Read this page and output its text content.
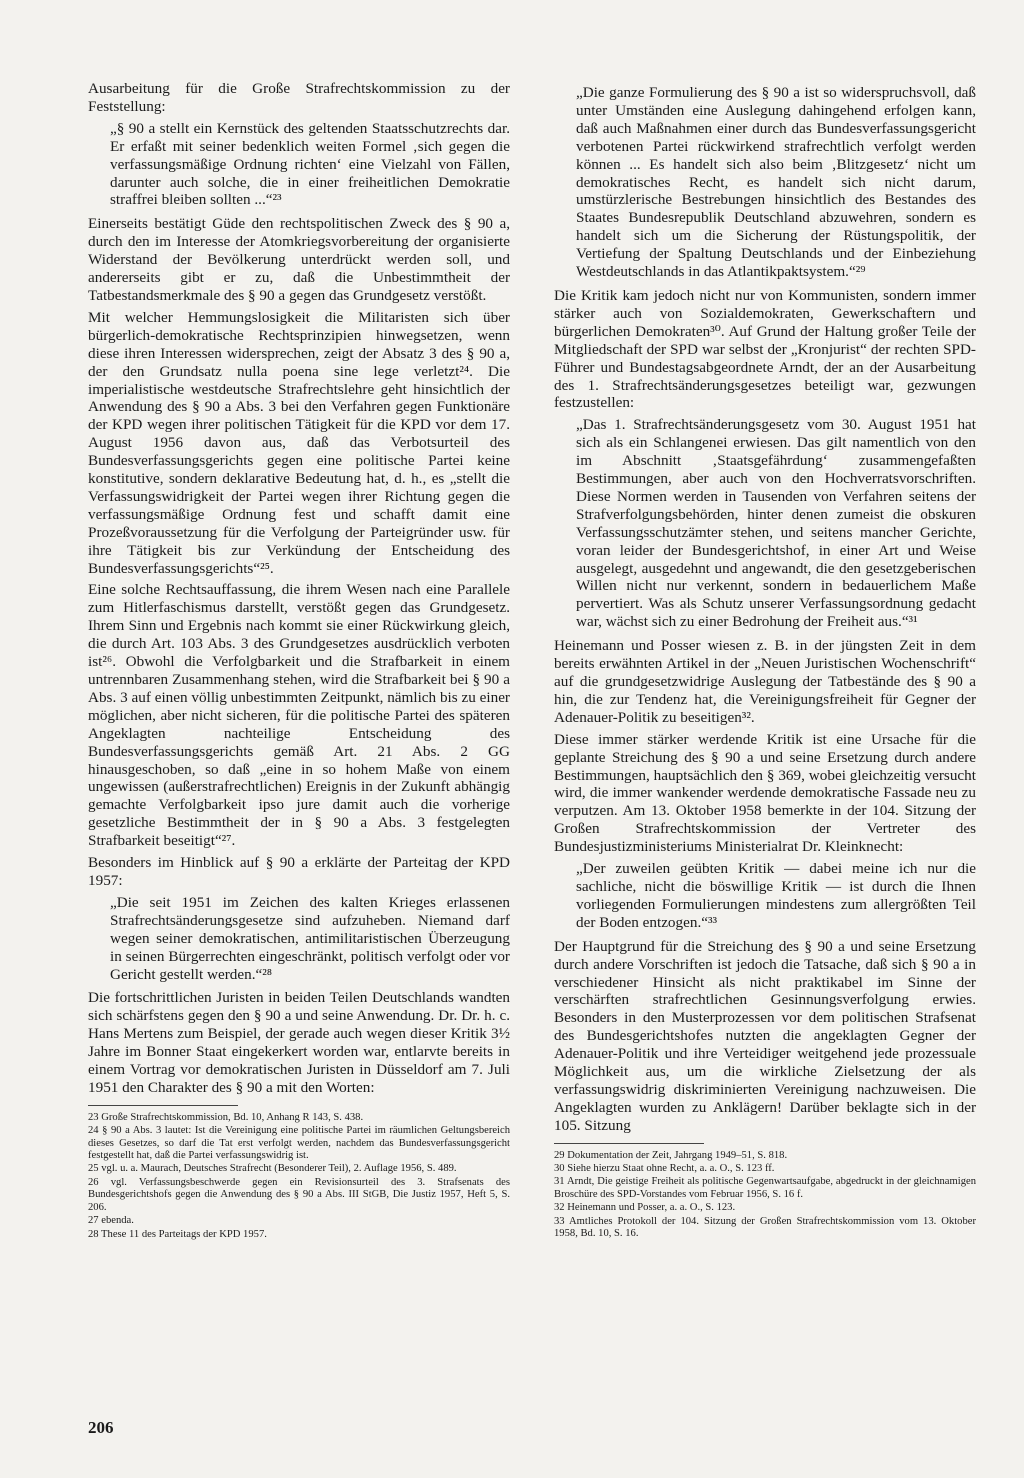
Ausarbeitung für die Große Strafrechtskommission zu der Feststellung:

„§ 90 a stellt ein Kernstück des geltenden Staatsschutzrechts dar. Er erfaßt mit seiner bedenklich weiten Formel ‚sich gegen die verfassungsmäßige Ordnung richten‘ eine Vielzahl von Fällen, darunter auch solche, die in einer freiheitlichen Demokratie straffrei bleiben sollten ...“²³

Einerseits bestätigt Güde den rechtspolitischen Zweck des § 90 a, durch den im Interesse der Atomkriegsvorbereitung der organisierte Widerstand der Bevölkerung unterdrückt werden soll, und andererseits gibt er zu, daß die Unbestimmtheit der Tatbestandsmerkmale des § 90 a gegen das Grundgesetz verstößt.

Mit welcher Hemmungslosigkeit die Militaristen sich über bürgerlich-demokratische Rechtsprinzipien hinwegsetzen, wenn diese ihren Interessen widersprechen, zeigt der Absatz 3 des § 90 a, der den Grundsatz nulla poena sine lege verletzt²⁴. Die imperialistische westdeutsche Strafrechtslehre geht hinsichtlich der Anwendung des § 90 a Abs. 3 bei den Verfahren gegen Funktionäre der KPD wegen ihrer politischen Tätigkeit für die KPD vor dem 17. August 1956 davon aus, daß das Verbotsurteil des Bundesverfassungsgerichts gegen eine politische Partei keine konstitutive, sondern deklarative Bedeutung hat, d. h., es „stellt die Verfassungswidrigkeit der Partei wegen ihrer Richtung gegen die verfassungsmäßige Ordnung fest und schafft damit eine Prozeßvoraussetzung für die Verfolgung der Parteigründer usw. für ihre Tätigkeit bis zur Verkündung der Entscheidung des Bundesverfassungsgerichts“²⁵.

Eine solche Rechtsauffassung, die ihrem Wesen nach eine Parallele zum Hitlerfaschismus darstellt, verstößt gegen das Grundgesetz. Ihrem Sinn und Ergebnis nach kommt sie einer Rückwirkung gleich, die durch Art. 103 Abs. 3 des Grundgesetzes ausdrücklich verboten ist²⁶. Obwohl die Verfolgbarkeit und die Strafbarkeit in einem untrennbaren Zusammenhang stehen, wird die Strafbarkeit bei § 90 a Abs. 3 auf einen völlig unbestimmten Zeitpunkt, nämlich bis zu einer möglichen, aber nicht sicheren, für die politische Partei des späteren Angeklagten nachteilige Entscheidung des Bundesverfassungsgerichts gemäß Art. 21 Abs. 2 GG hinausgeschoben, so daß „eine in so hohem Maße von einem ungewissen (außerstrafrechtlichen) Ereignis in der Zukunft abhängig gemachte Verfolgbarkeit ipso jure damit auch die vorherige gesetzliche Bestimmtheit der in § 90 a Abs. 3 festgelegten Strafbarkeit beseitigt“²⁷.

Besonders im Hinblick auf § 90 a erklärte der Parteitag der KPD 1957:

„Die seit 1951 im Zeichen des kalten Krieges erlassenen Strafrechtsänderungsgesetze sind aufzuheben. Niemand darf wegen seiner demokratischen, antimilitaristischen Überzeugung in seinen Bürgerrechten eingeschränkt, politisch verfolgt oder vor Gericht gestellt werden.“²⁸

Die fortschrittlichen Juristen in beiden Teilen Deutschlands wandten sich schärfstens gegen den § 90 a und seine Anwendung. Dr. Dr. h. c. Hans Mertens zum Beispiel, der gerade auch wegen dieser Kritik 3½ Jahre im Bonner Staat eingekerkert worden war, entlarvte bereits in einem Vortrag vor demokratischen Juristen in Düsseldorf am 7. Juli 1951 den Charakter des § 90 a mit den Worten:

23 Große Strafrechtskommission, Bd. 10, Anhang R 143, S. 438.

24 § 90 a Abs. 3 lautet: Ist die Vereinigung eine politische Partei im räumlichen Geltungsbereich dieses Gesetzes, so darf die Tat erst verfolgt werden, nachdem das Bundesverfassungsgericht festgestellt hat, daß die Partei verfassungswidrig ist.

25 vgl. u. a. Maurach, Deutsches Strafrecht (Besonderer Teil), 2. Auflage 1956, S. 489.

26 vgl. Verfassungsbeschwerde gegen ein Revisionsurteil des 3. Strafsenats des Bundesgerichtshofs gegen die Anwendung des § 90 a Abs. III StGB, Die Justiz 1957, Heft 5, S. 206.

27 ebenda.

28 These 11 des Parteitags der KPD 1957.

„Die ganze Formulierung des § 90 a ist so widerspruchsvoll, daß unter Umständen eine Auslegung dahingehend erfolgen kann, daß auch Maßnahmen einer durch das Bundesverfassungsgericht verbotenen Partei rückwirkend strafrechtlich verfolgt werden können ... Es handelt sich also beim ‚Blitzgesetz‘ nicht um demokratisches Recht, es handelt sich nicht darum, umstürzlerische Bestrebungen hinsichtlich des Bestandes des Staates Bundesrepublik Deutschland abzuwehren, sondern es handelt sich um die Sicherung der Rüstungspolitik, der Vertiefung der Spaltung Deutschlands und der Einbeziehung Westdeutschlands in das Atlantikpaktsystem.“²⁹

Die Kritik kam jedoch nicht nur von Kommunisten, sondern immer stärker auch von Sozialdemokraten, Gewerkschaftern und bürgerlichen Demokraten³⁰. Auf Grund der Haltung großer Teile der Mitgliedschaft der SPD war selbst der „Kronjurist“ der rechten SPD-Führer und Bundestagsabgeordnete Arndt, der an der Ausarbeitung des 1. Strafrechtsänderungsgesetzes beteiligt war, gezwungen festzustellen:

„Das 1. Strafrechtsänderungsgesetz vom 30. August 1951 hat sich als ein Schlangenei erwiesen. Das gilt namentlich von den im Abschnitt ‚Staatsgefährdung‘ zusammengefaßten Bestimmungen, aber auch von den Hochverratsvorschriften. Diese Normen werden in Tausenden von Verfahren seitens der Strafverfolgungsbehörden, hinter denen zumeist die obskuren Verfassungsschutzämter stehen, und seitens mancher Gerichte, voran leider der Bundesgerichtshof, in einer Art und Weise ausgelegt, ausgedehnt und angewandt, die den gesetzgeberischen Willen nicht nur verkennt, sondern in bedauerlichem Maße pervertiert. Was als Schutz unserer Verfassungsordnung gedacht war, wächst sich zu einer Bedrohung der Freiheit aus.“³¹

Heinemann und Posser wiesen z. B. in der jüngsten Zeit in dem bereits erwähnten Artikel in der „Neuen Juristischen Wochenschrift“ auf die grundgesetzwidrige Auslegung der Tatbestände des § 90 a hin, die zur Tendenz hat, die Vereinigungsfreiheit für Gegner der Adenauer-Politik zu beseitigen³².

Diese immer stärker werdende Kritik ist eine Ursache für die geplante Streichung des § 90 a und seine Ersetzung durch andere Bestimmungen, hauptsächlich den § 369, wobei gleichzeitig versucht wird, die immer wankender werdende demokratische Fassade neu zu verputzen. Am 13. Oktober 1958 bemerkte in der 104. Sitzung der Großen Strafrechtskommission der Vertreter des Bundesjustizministeriums Ministerialrat Dr. Kleinknecht:

„Der zuweilen geübten Kritik — dabei meine ich nur die sachliche, nicht die böswillige Kritik — ist durch die Ihnen vorliegenden Formulierungen mindestens zum allergrößten Teil der Boden entzogen.“³³

Der Hauptgrund für die Streichung des § 90 a und seine Ersetzung durch andere Vorschriften ist jedoch die Tatsache, daß sich § 90 a in verschiedener Hinsicht als nicht praktikabel im Sinne der verschärften strafrechtlichen Gesinnungsverfolgung erwies. Besonders in den Musterprozessen vor dem politischen Strafsenat des Bundesgerichtshofes nutzten die angeklagten Gegner der Adenauer-Politik und ihre Verteidiger weitgehend jede prozessuale Möglichkeit aus, um die wirkliche Zielsetzung der als verfassungswidrig diskriminierten Vereinigung nachzuweisen. Die Angeklagten wurden zu Anklägern! Darüber beklagte sich in der 105. Sitzung

29 Dokumentation der Zeit, Jahrgang 1949–51, S. 818.

30 Siehe hierzu Staat ohne Recht, a. a. O., S. 123 ff.

31 Arndt, Die geistige Freiheit als politische Gegenwartsaufgabe, abgedruckt in der gleichnamigen Broschüre des SPD-Vorstandes vom Februar 1956, S. 16 f.

32 Heinemann und Posser, a. a. O., S. 123.

33 Amtliches Protokoll der 104. Sitzung der Großen Strafrechtskommission vom 13. Oktober 1958, Bd. 10, S. 16.

206
